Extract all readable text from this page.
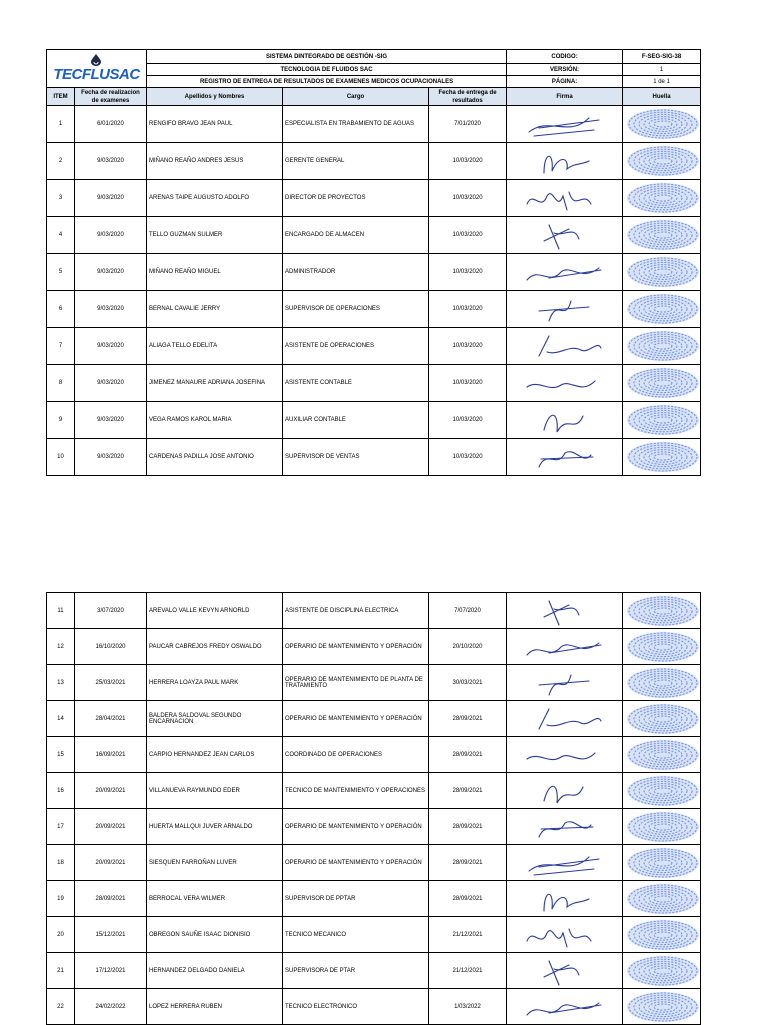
TECFLUSAC		SISTEMA DINTEGRADO DE GESTIÓN -SIG			CODIGO:	F-SEG-SIG-38
		TECNOLOGIA DE FLUIDOS SAC			VERSIÓN:	1
		REGISTRO DE ENTREGA DE RESULTADOS DE EXAMENES MEDICOS OCUPACIONALES			PÁGINA:	1 de 1
ITEM	Fecha de realizacion de examenes	Apellidos y Nombres	Cargo	Fecha de entrega de resultados	Firma	Huella
1	6/01/2020	RENGIFO BRAVO JEAN PAUL	ESPECIALISTA EN TRABAMIENTO DE AGUAS	7/01/2020	

2	9/03/2020	MIÑANO REAÑO ANDRES JESUS	GERENTE GENERAL	10/03/2020	

3	9/03/2020	ARENAS TAIPE AUGUSTO ADOLFO	DIRECTOR DE PROYECTOS	10/03/2020	

4	9/03/2020	TELLO GUZMAN SULMER	ENCARGADO DE ALMACEN	10/03/2020	

5	9/03/2020	MIÑANO REAÑO MIGUEL	ADMINISTRADOR	10/03/2020	

6	9/03/2020	BERNAL CAVALIE JERRY	SUPERVISOR DE OPERACIONES	10/03/2020	

7	9/03/2020	ALIAGA TELLO EDELITA	ASISTENTE DE OPERACIONES	10/03/2020	

8	9/03/2020	JIMENEZ MANAURE ADRIANA JOSEFINA	ASISTENTE CONTABLE	10/03/2020	

9	9/03/2020	VEGA RAMOS KAROL MARIA	AUXILIAR CONTABLE	10/03/2020	

10	9/03/2020	CARDENAS PADILLA JOSE ANTONIO	SUPERVISOR DE VENTAS	10/03/2020	

11	3/07/2020	AREVALO VALLE KEVYN ARNORLD	ASISTENTE DE DISCIPLINA ELECTRICA	7/07/2020	

12	16/10/2020	PAUCAR CABREJOS FREDY OSWALDO	OPERARIO DE MANTENIMIENTO Y OPERACIÓN	20/10/2020	

13	25/03/2021	HERRERA LOAYZA PAUL MARK	OPERARIO DE MANTENIMIENTO DE PLANTA DE TRATAMIENTO	30/03/2021	

14	28/04/2021	BALDERA SALDOVAL SEGUNDO ENCARNACION	OPERARIO DE MANTENIMIENTO Y OPERACIÓN	28/09/2021	

15	16/09/2021	CARPIO HERNANDEZ JEAN CARLOS	COORDINADO DE OPERACIONES	28/09/2021	

16	20/09/2021	VILLANUEVA RAYMUNDO EDER	TECNICO DE MANTENIMIENTO Y OPERACIONES	28/09/2021	

17	20/09/2021	HUERTA MALLQUI JUVER ARNALDO	OPERARIO DE MANTENIMIENTO Y OPERACIÓN	28/09/2021	

18	20/09/2021	SIESQUEN FARROÑAN LUVER	OPERARIO DE MANTENIMIENTO Y OPERACIÓN	28/09/2021	

19	28/09/2021	BERROCAL VERA WILMER	SUPERVISOR DE PPTAR	28/09/2021	

20	15/12/2021	OBREGON SAUÑE ISAAC DIONISIO	TECNICO MECANICO	21/12/2021	

21	17/12/2021	HERNANDEZ DELGADO DANIELA	SUPERVISORA DE PTAR	21/12/2021	

22	24/02/2022	LOPEZ HERRERA RUBEN	TECNICO ELECTRONICO	1/03/2022	
